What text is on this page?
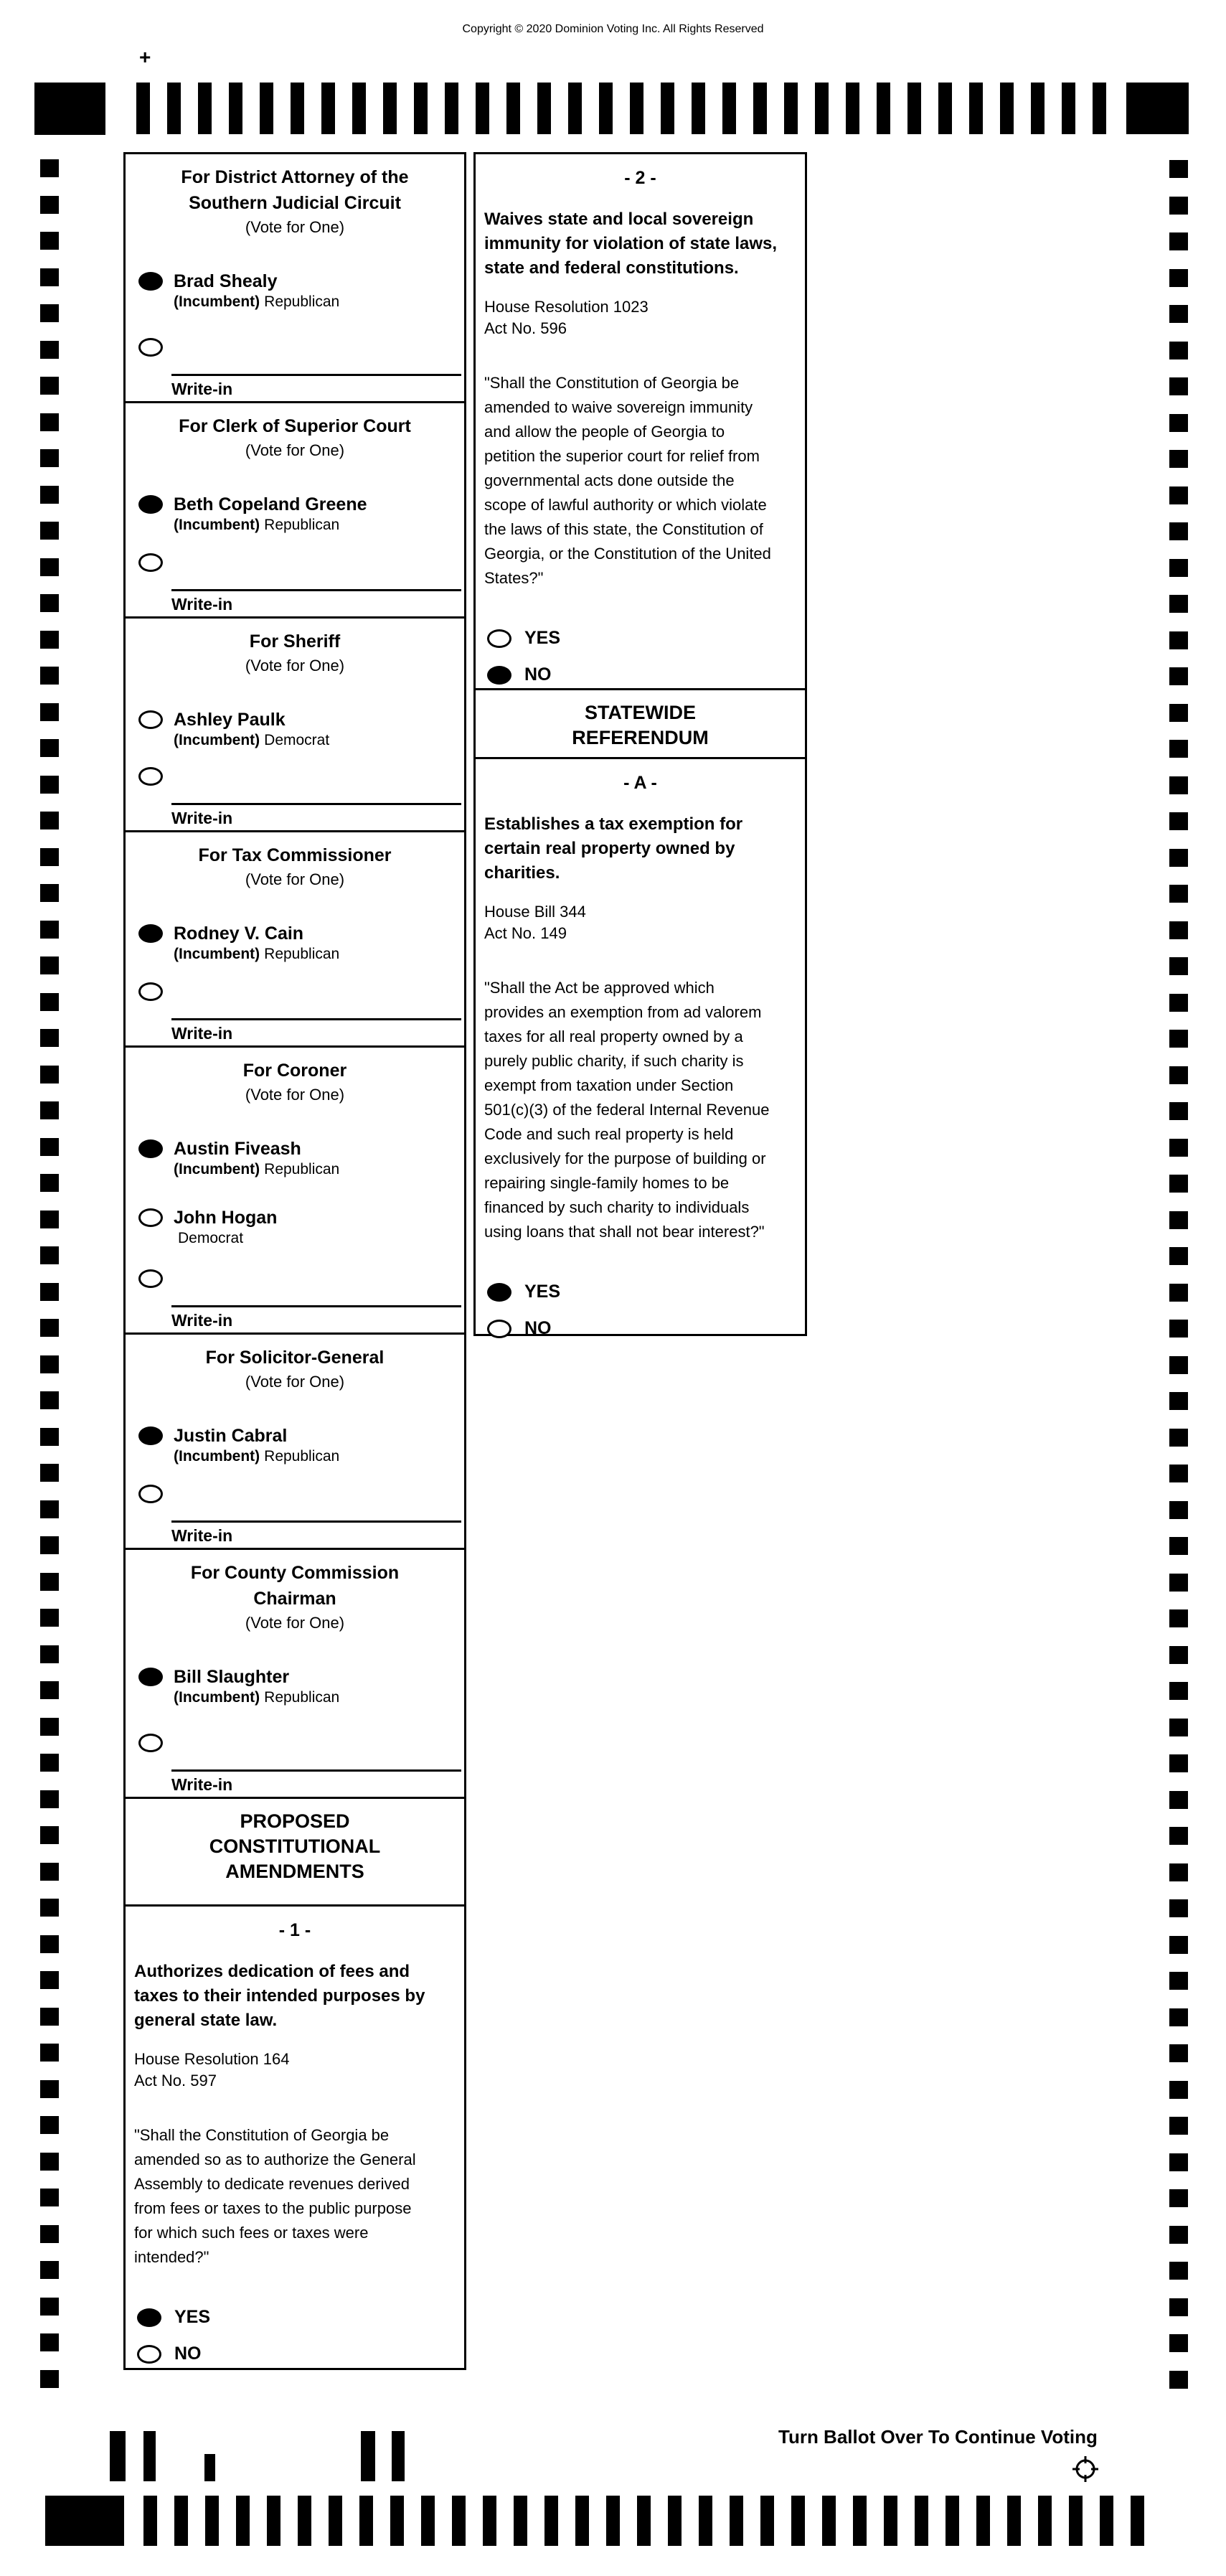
Copyright © 2020 Dominion Voting Inc. All Rights Reserved
+
For District Attorney of the
Southern Judicial Circuit
(Vote for One)
Brad Shealy
(Incumbent) Republican
Write-in
For Clerk of Superior Court
(Vote for One)
Beth Copeland Greene
(Incumbent) Republican
Write-in
For Sheriff
(Vote for One)
Ashley Paulk
(Incumbent) Democrat
Write-in
For Tax Commissioner
(Vote for One)
Rodney V. Cain
(Incumbent) Republican
Write-in
For Coroner
(Vote for One)
Austin Fiveash
(Incumbent) Republican
John Hogan
Democrat
Write-in
For Solicitor-General
(Vote for One)
Justin Cabral
(Incumbent) Republican
Write-in
For County Commission
Chairman
(Vote for One)
Bill Slaughter
(Incumbent) Republican
Write-in
PROPOSED
CONSTITUTIONAL
AMENDMENTS
- 1 -
Authorizes dedication of fees and
taxes to their intended purposes by
general state law.
House Resolution 164
Act No. 597
"Shall the Constitution of Georgia be
amended so as to authorize the General
Assembly to dedicate revenues derived
from fees or taxes to the public purpose
for which such fees or taxes were
intended?"
YES
NO
- 2 -
Waives state and local sovereign
immunity for violation of state laws,
state and federal constitutions.
House Resolution 1023
Act No. 596
"Shall the Constitution of Georgia be
amended to waive sovereign immunity
and allow the people of Georgia to
petition the superior court for relief from
governmental acts done outside the
scope of lawful authority or which violate
the laws of this state, the Constitution of
Georgia, or the Constitution of the United
States?"
YES
NO
STATEWIDE
REFERENDUM
- A -
Establishes a tax exemption for
certain real property owned by
charities.
House Bill 344
Act No. 149
"Shall the Act be approved which
provides an exemption from ad valorem
taxes for all real property owned by a
purely public charity, if such charity is
exempt from taxation under Section
501(c)(3) of the federal Internal Revenue
Code and such real property is held
exclusively for the purpose of building or
repairing single-family homes to be
financed by such charity to individuals
using loans that shall not bear interest?"
YES
NO
Turn Ballot Over To Continue Voting
